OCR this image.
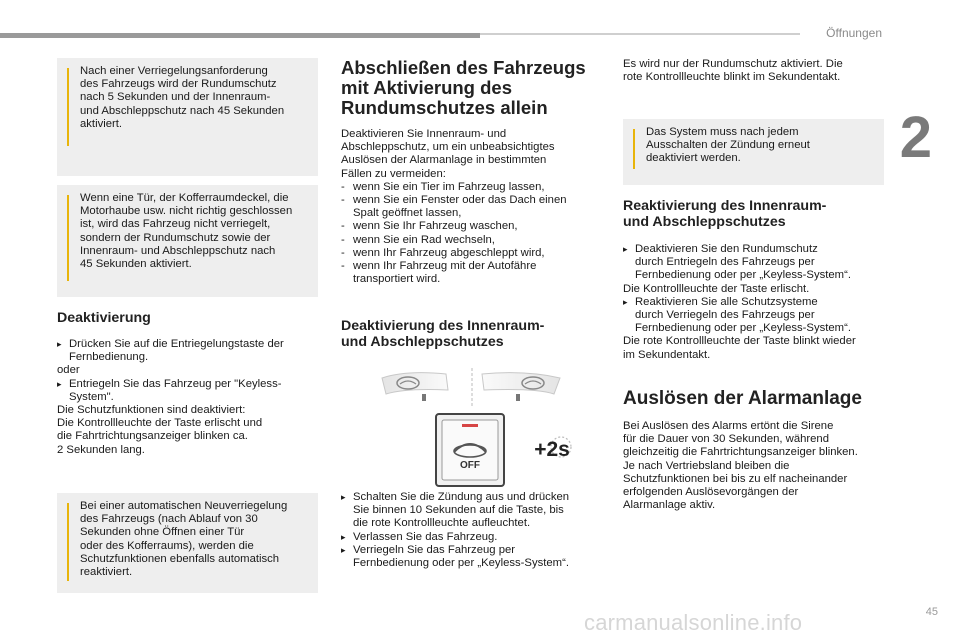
Öffnungen
2
Nach einer Verriegelungsanforderung
des Fahrzeugs wird der Rundumschutz
nach 5 Sekunden und der Innenraum-
und Abschleppschutz nach 45 Sekunden
aktiviert.
Wenn eine Tür, der Kofferraumdeckel, die
Motorhaube usw. nicht richtig geschlossen
ist, wird das Fahrzeug nicht verriegelt,
sondern der Rundumschutz sowie der
Innenraum- und Abschleppschutz nach
45 Sekunden aktiviert.
Deaktivierung
▸ Drücken Sie auf die Entriegelungstaste der
Fernbedienung.
oder
▸ Entriegeln Sie das Fahrzeug per "Keyless-
System".
Die Schutzfunktionen sind deaktiviert:
Die Kontrollleuchte der Taste erlischt und
die Fahrtrichtungsanzeiger blinken ca.
2 Sekunden lang.
Bei einer automatischen Neuverriegelung
des Fahrzeugs (nach Ablauf von 30
Sekunden ohne Öffnen einer Tür
oder des Kofferraums), werden die
Schutzfunktionen ebenfalls automatisch
reaktiviert.
Abschließen des Fahrzeugs
mit Aktivierung des
Rundumschutzes allein
Deaktivieren Sie Innenraum- und
Abschleppschutz, um ein unbeabsichtigtes
Auslösen der Alarmanlage in bestimmten
Fällen zu vermeiden:
- wenn Sie ein Tier im Fahrzeug lassen,
- wenn Sie ein Fenster oder das Dach einen
Spalt geöffnet lassen,
- wenn Sie Ihr Fahrzeug waschen,
- wenn Sie ein Rad wechseln,
- wenn Ihr Fahrzeug abgeschleppt wird,
- wenn Ihr Fahrzeug mit der Autofähre
transportiert wird.
Deaktivierung des Innenraum-
und Abschleppschutzes
OFF
+2s
▸ Schalten Sie die Zündung aus und drücken
Sie binnen 10 Sekunden auf die Taste, bis
die rote Kontrollleuchte aufleuchtet.
▸ Verlassen Sie das Fahrzeug.
▸ Verriegeln Sie das Fahrzeug per
Fernbedienung oder per „Keyless-System“.
Es wird nur der Rundumschutz aktiviert. Die
rote Kontrollleuchte blinkt im Sekundentakt.
Das System muss nach jedem
Ausschalten der Zündung erneut
deaktiviert werden.
Reaktivierung des Innenraum-
und Abschleppschutzes
▸ Deaktivieren Sie den Rundumschutz
durch Entriegeln des Fahrzeugs per
Fernbedienung oder per „Keyless-System“.
Die Kontrollleuchte der Taste erlischt.
▸ Reaktivieren Sie alle Schutzsysteme
durch Verriegeln des Fahrzeugs per
Fernbedienung oder per „Keyless-System“.
Die rote Kontrollleuchte der Taste blinkt wieder
im Sekundentakt.
Auslösen der Alarmanlage
Bei Auslösen des Alarms ertönt die Sirene
für die Dauer von 30 Sekunden, während
gleichzeitig die Fahrtrichtungsanzeiger blinken.
Je nach Vertriebsland bleiben die
Schutzfunktionen bei bis zu elf nacheinander
erfolgenden Auslösevorgängen der
Alarmanlage aktiv.
carmanualsonline.info	45
